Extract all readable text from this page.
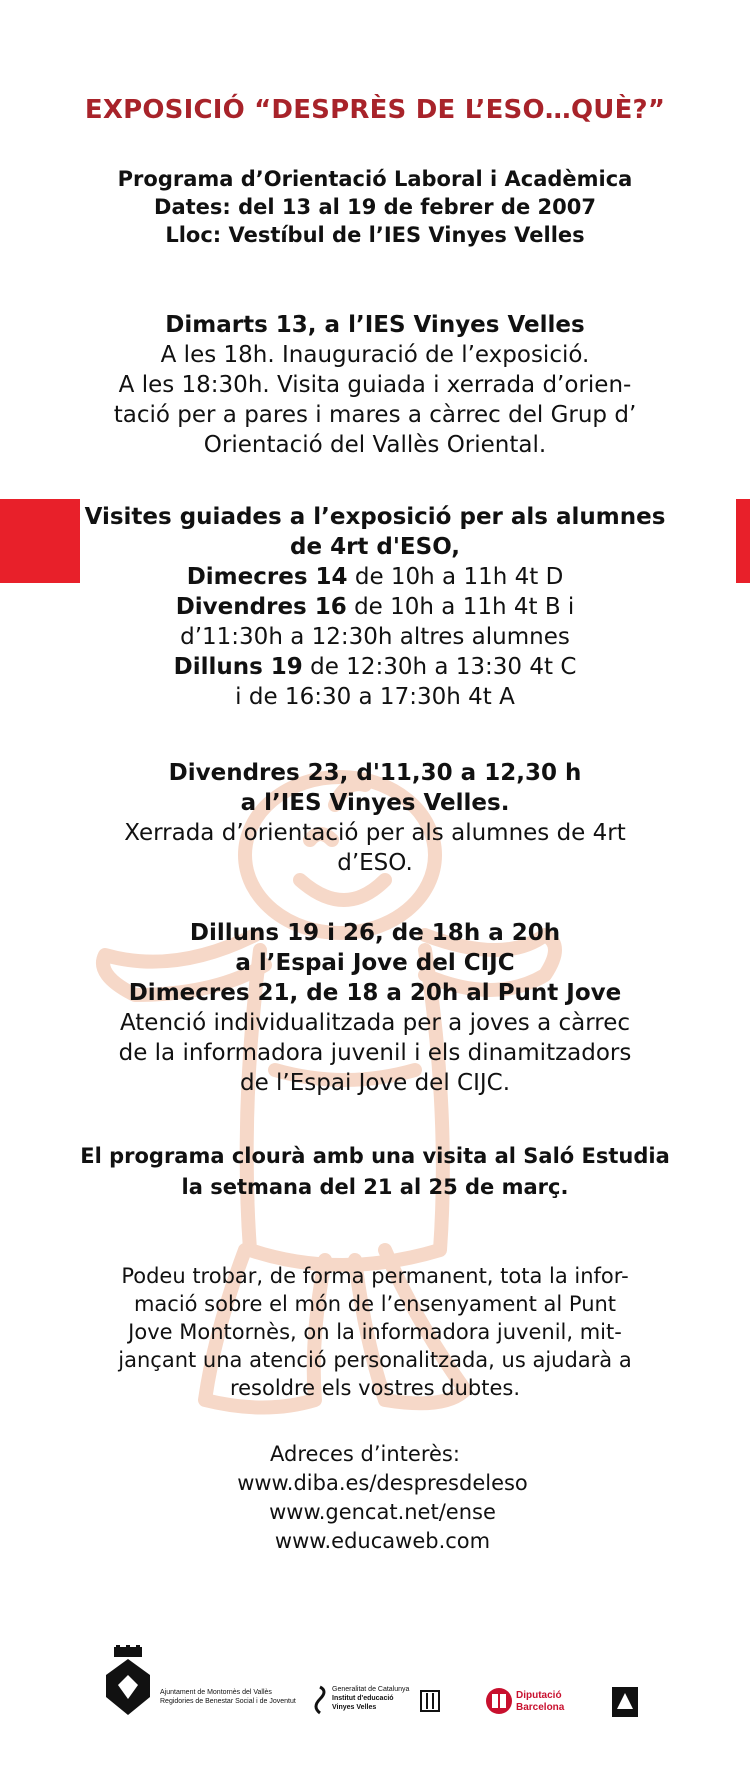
EXPOSICIÓ “DESPRÈS DE L’ESO…QUÈ?”
Programa d’Orientació Laboral i Acadèmica
Dates: del 13 al 19 de febrer de 2007
Lloc: Vestíbul de l’IES Vinyes Velles
Dimarts 13, a l’IES Vinyes Velles
A les 18h. Inauguració de l’exposició.
A les 18:30h. Visita guiada i xerrada d’orien-
tació per a pares i mares a càrrec del Grup d’
Orientació del Vallès Oriental.
Visites guiades a l’exposició per als alumnes
de 4rt d'ESO,
Dimecres 14 de 10h a 11h 4t D
Divendres 16 de 10h a 11h 4t B i
d’11:30h a 12:30h altres alumnes
Dilluns 19 de 12:30h a 13:30 4t C
i de 16:30 a 17:30h 4t A
Divendres 23, d'11,30 a 12,30 h
a l’IES Vinyes Velles.
Xerrada d’orientació per als alumnes de 4rt
d’ESO.
Dilluns 19 i 26, de 18h a 20h
a l’Espai Jove del CIJC
Dimecres 21, de 18 a 20h al Punt Jove
Atenció individualitzada per a joves a càrrec
de la informadora juvenil i els dinamitzadors
de l’Espai Jove del CIJC.
El programa clourà amb una visita al Saló Estudia
la setmana del 21 al 25 de març.
Podeu trobar, de forma permanent, tota la infor-
mació sobre el món de l’ensenyament al Punt
Jove Montornès, on la informadora juvenil, mit-
jançant una atenció personalitzada, us ajudarà a
resoldre els vostres dubtes.
Adreces d’interès:
www.diba.es/despresdeleso
www.gencat.net/ense
www.educaweb.com
Ajuntament de Montornès del Vallès
Regidories de Benestar Social i de Joventut
Generalitat de Catalunya
Institut d'educació
Vinyes Velles
Diputació
Barcelona
